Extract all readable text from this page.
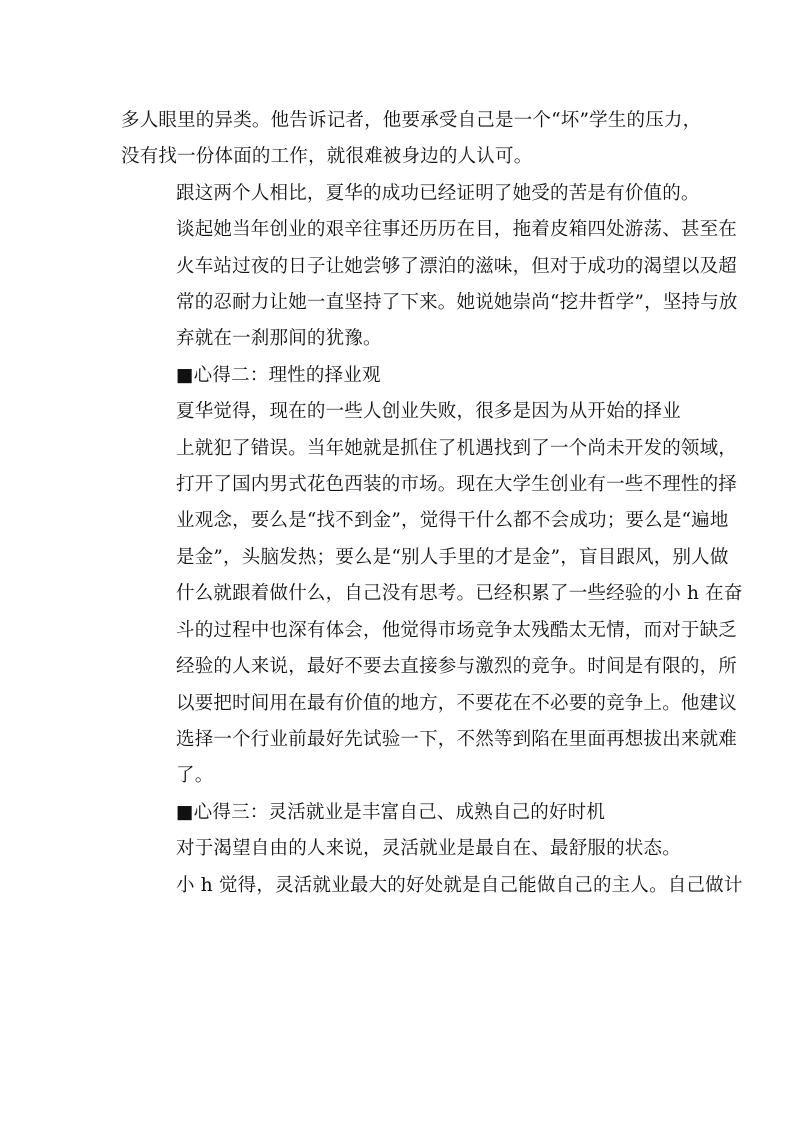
多人眼里的异类。他告诉记者，他要承受自己是一个“坏”学生的压力，
没有找一份体面的工作，就很难被身边的人认可。

跟这两个人相比，夏华的成功已经证明了她受的苦是有价值的。
谈起她当年创业的艰辛往事还历历在目，拖着皮箱四处游荡、甚至在
火车站过夜的日子让她尝够了漂泊的滋味，但对于成功的渴望以及超
常的忍耐力让她一直坚持了下来。她说她崇尚“挖井哲学”，坚持与放
弃就在一刹那间的犹豫。

■心得二：理性的择业观

夏华觉得，现在的一些人创业失败，很多是因为从开始的择业
上就犯了错误。当年她就是抓住了机遇找到了一个尚未开发的领域，
打开了国内男式花色西装的市场。现在大学生创业有一些不理性的择
业观念，要么是“找不到金”，觉得干什么都不会成功；要么是“遍地
是金”，头脑发热；要么是“别人手里的才是金”，盲目跟风，别人做
什么就跟着做什么，自己没有思考。已经积累了一些经验的小 h 在奋
斗的过程中也深有体会，他觉得市场竞争太残酷太无情，而对于缺乏
经验的人来说，最好不要去直接参与激烈的竞争。时间是有限的，所
以要把时间用在最有价值的地方，不要花在不必要的竞争上。他建议
选择一个行业前最好先试验一下，不然等到陷在里面再想拔出来就难
了。

■心得三：灵活就业是丰富自己、成熟自己的好时机

对于渴望自由的人来说，灵活就业是最自在、最舒服的状态。
小 h 觉得，灵活就业最大的好处就是自己能做自己的主人。自己做计
